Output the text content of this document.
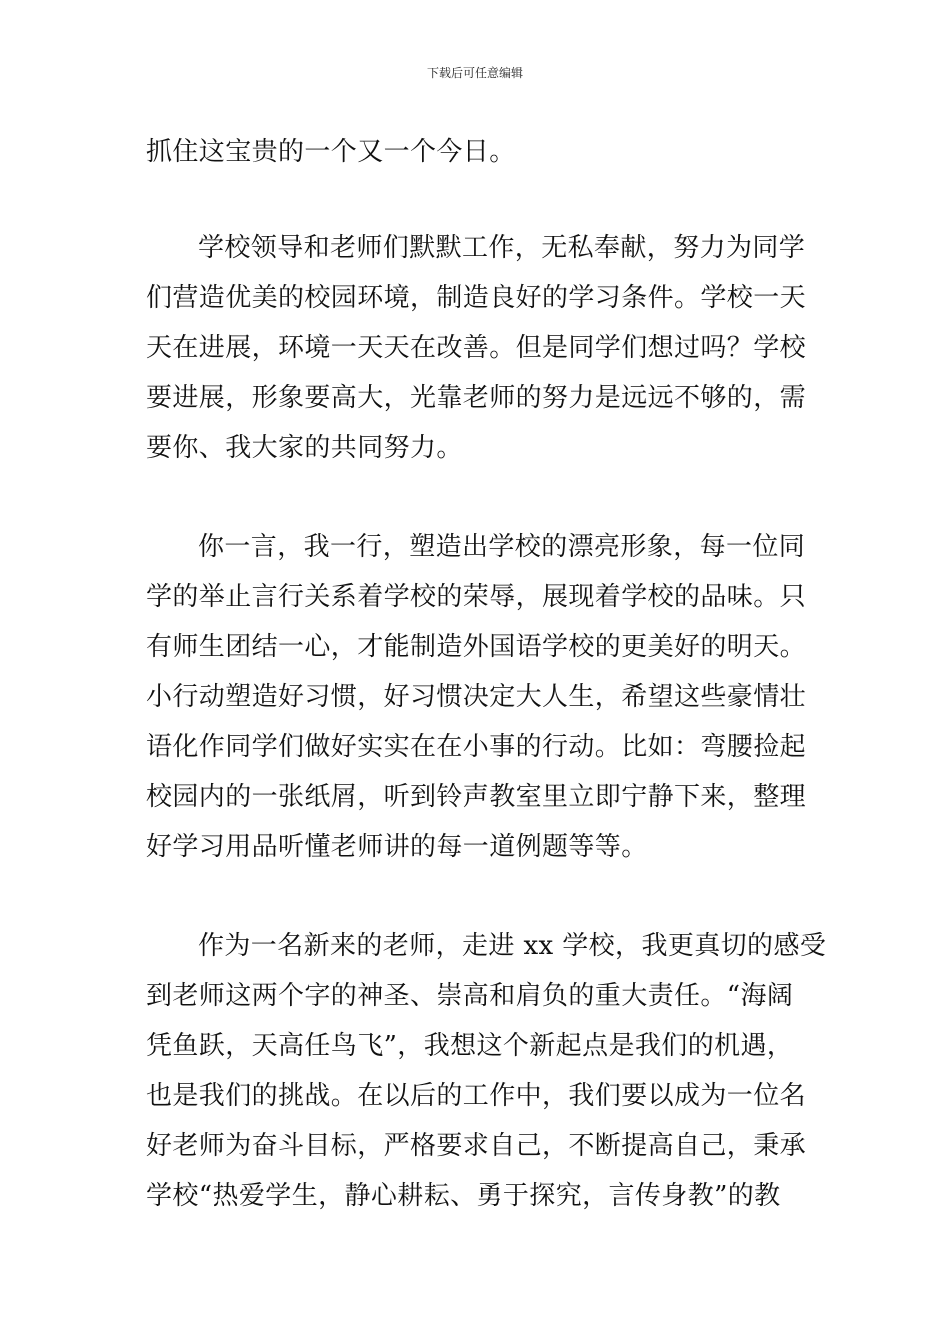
下载后可任意编辑
抓住这宝贵的一个又一个今日。
学校领导和老师们默默工作，无私奉献，努力为同学
们营造优美的校园环境，制造良好的学习条件。学校一天
天在进展，环境一天天在改善。但是同学们想过吗？学校
要进展，形象要高大，光靠老师的努力是远远不够的，需
要你、我大家的共同努力。
你一言，我一行，塑造出学校的漂亮形象，每一位同
学的举止言行关系着学校的荣辱，展现着学校的品味。只
有师生团结一心，才能制造外国语学校的更美好的明天。
小行动塑造好习惯，好习惯决定大人生，希望这些豪情壮
语化作同学们做好实实在在小事的行动。比如：弯腰捡起
校园内的一张纸屑，听到铃声教室里立即宁静下来，整理
好学习用品听懂老师讲的每一道例题等等。
作为一名新来的老师，走进 xx 学校，我更真切的感受
到老师这两个字的神圣、崇高和肩负的重大责任。“海阔
凭鱼跃，天高任鸟飞”，我想这个新起点是我们的机遇，
也是我们的挑战。在以后的工作中，我们要以成为一位名
好老师为奋斗目标，严格要求自己，不断提高自己，秉承
学校“热爱学生，静心耕耘、勇于探究，言传身教”的教
